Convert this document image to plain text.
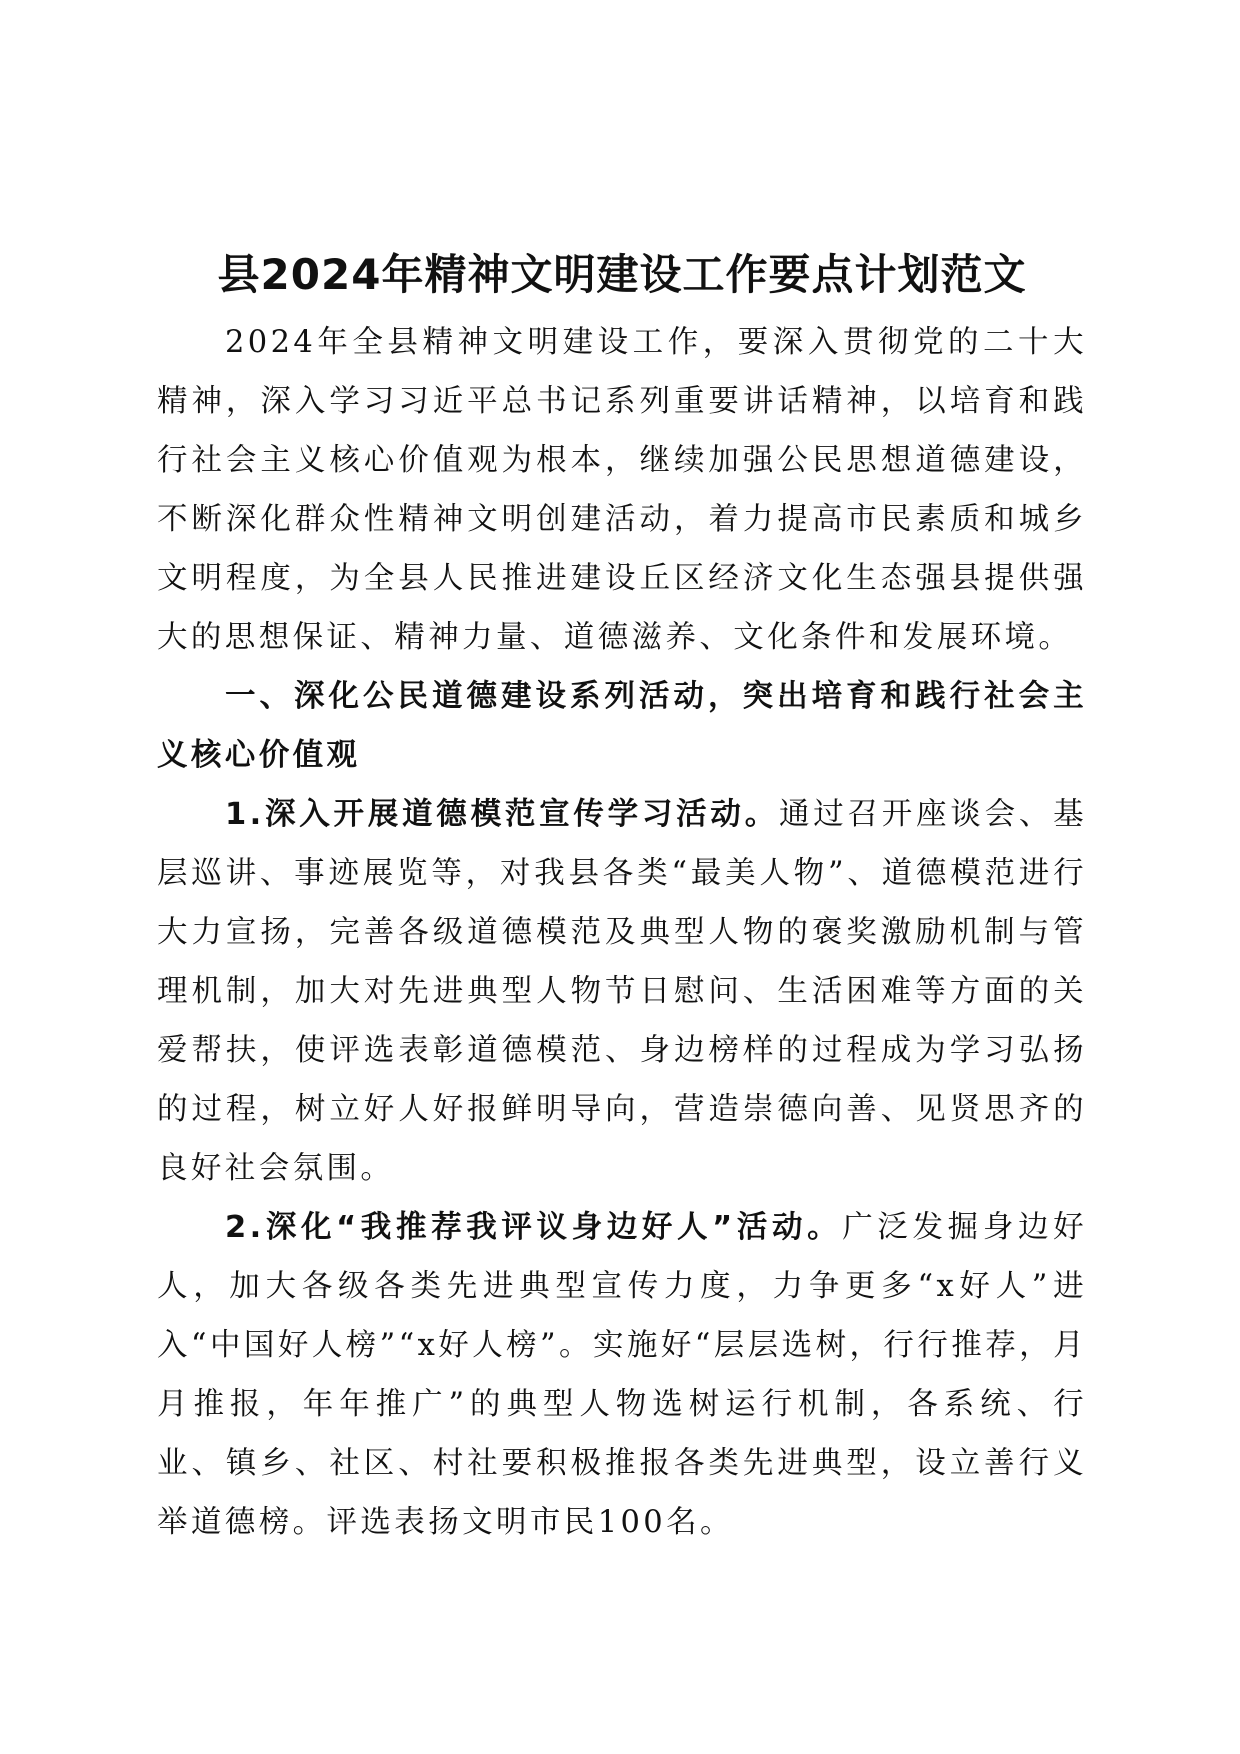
县2024年精神文明建设工作要点计划范文

2024年全县精神文明建设工作，要深入贯彻党的二十大精神，深入学习习近平总书记系列重要讲话精神，以培育和践行社会主义核心价值观为根本，继续加强公民思想道德建设，不断深化群众性精神文明创建活动，着力提高市民素质和城乡文明程度，为全县人民推进建设丘区经济文化生态强县提供强大的思想保证、精神力量、道德滋养、文化条件和发展环境。

一、深化公民道德建设系列活动，突出培育和践行社会主义核心价值观

1.深入开展道德模范宣传学习活动。通过召开座谈会、基层巡讲、事迹展览等，对我县各类“最美人物”、道德模范进行大力宣扬，完善各级道德模范及典型人物的褒奖激励机制与管理机制，加大对先进典型人物节日慰问、生活困难等方面的关爱帮扶，使评选表彰道德模范、身边榜样的过程成为学习弘扬的过程，树立好人好报鲜明导向，营造崇德向善、见贤思齐的良好社会氛围。

2.深化“我推荐我评议身边好人”活动。广泛发掘身边好人，加大各级各类先进典型宣传力度，力争更多“x好人”进入“中国好人榜”“x好人榜”。实施好“层层选树，行行推荐，月月推报，年年推广”的典型人物选树运行机制，各系统、行业、镇乡、社区、村社要积极推报各类先进典型，设立善行义举道德榜。评选表扬文明市民100名。
